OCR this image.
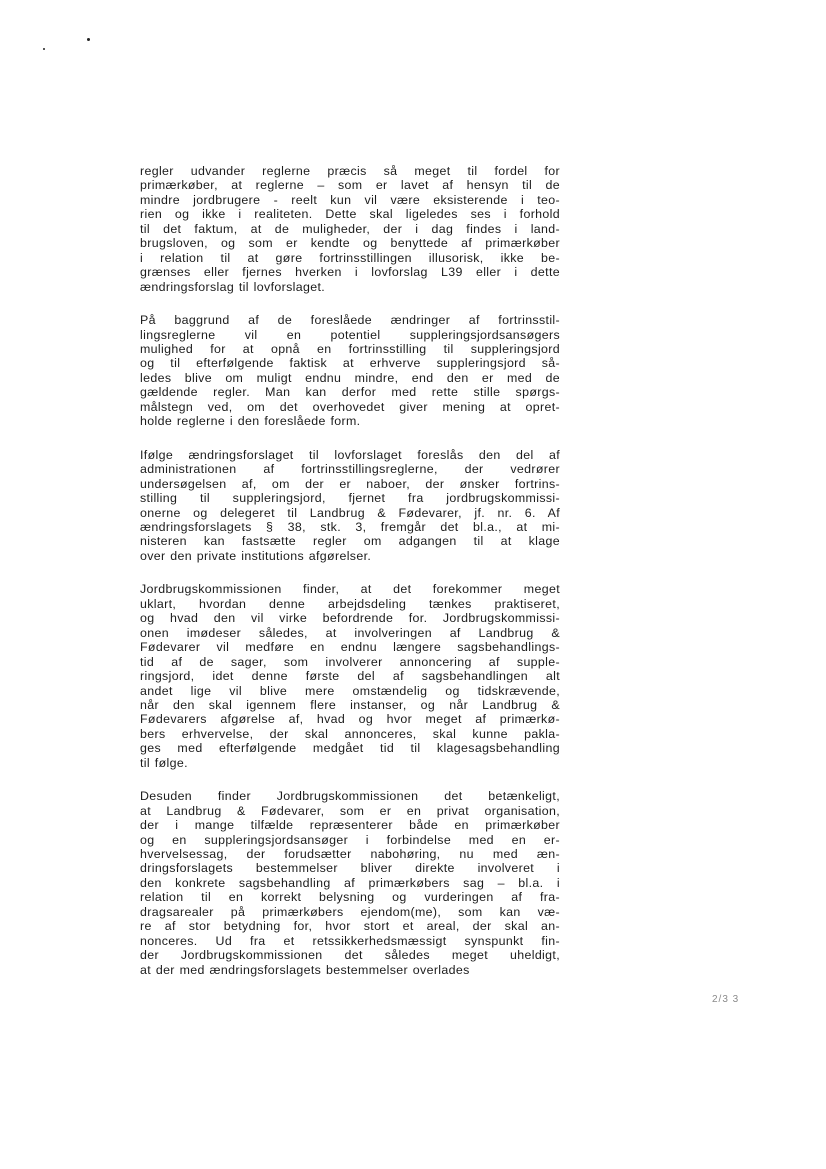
regler udvander reglerne præcis så meget til fordel for
primærkøber, at reglerne – som er lavet af hensyn til de
mindre jordbrugere - reelt kun vil være eksisterende i teo-
rien og ikke i realiteten. Dette skal ligeledes ses i forhold
til det faktum, at de muligheder, der i dag findes i land-
brugsloven, og som er kendte og benyttede af primærkøber
i relation til at gøre fortrinsstillingen illusorisk, ikke be-
grænses eller fjernes hverken i lovforslag L39 eller i dette
ændringsforslag til lovforslaget.

På baggrund af de foreslåede ændringer af fortrinsstil-
lingsreglerne vil en potentiel suppleringsjordsansøgers
mulighed for at opnå en fortrinsstilling til suppleringsjord
og til efterfølgende faktisk at erhverve suppleringsjord så-
ledes blive om muligt endnu mindre, end den er med de
gældende regler. Man kan derfor med rette stille spørgs-
målstegn ved, om det overhovedet giver mening at opret-
holde reglerne i den foreslåede form.

Ifølge ændringsforslaget til lovforslaget foreslås den del af
administrationen af fortrinsstillingsreglerne, der vedrører
undersøgelsen af, om der er naboer, der ønsker fortrins-
stilling til suppleringsjord, fjernet fra jordbrugskommissi-
onerne og delegeret til Landbrug & Fødevarer, jf. nr. 6. Af
ændringsforslagets § 38, stk. 3, fremgår det bl.a., at mi-
nisteren kan fastsætte regler om adgangen til at klage
over den private institutions afgørelser.

Jordbrugskommissionen finder, at det forekommer meget
uklart, hvordan denne arbejdsdeling tænkes praktiseret,
og hvad den vil virke befordrende for. Jordbrugskommissi-
onen imødeser således, at involveringen af Landbrug &
Fødevarer vil medføre en endnu længere sagsbehandlings-
tid af de sager, som involverer annoncering af supple-
ringsjord, idet denne første del af sagsbehandlingen alt
andet lige vil blive mere omstændelig og tidskrævende,
når den skal igennem flere instanser, og når Landbrug &
Fødevarers afgørelse af, hvad og hvor meget af primærkø-
bers erhvervelse, der skal annonceres, skal kunne pakla-
ges med efterfølgende medgået tid til klagesagsbehandling
til følge.

Desuden finder Jordbrugskommissionen det betænkeligt,
at Landbrug & Fødevarer, som er en privat organisation,
der i mange tilfælde repræsenterer både en primærkøber
og en suppleringsjordsansøger i forbindelse med en er-
hvervelsessag, der forudsætter nabohøring, nu med æn-
dringsforslagets bestemmelser bliver direkte involveret i
den konkrete sagsbehandling af primærkøbers sag – bl.a. i
relation til en korrekt belysning og vurderingen af fra-
dragsarealer på primærkøbers ejendom(me), som kan væ-
re af stor betydning for, hvor stort et areal, der skal an-
nonceres. Ud fra et retssikkerhedsmæssigt synspunkt fin-
der Jordbrugskommissionen det således meget uheldigt,
at der med ændringsforslagets bestemmelser overlades

2/3 3
